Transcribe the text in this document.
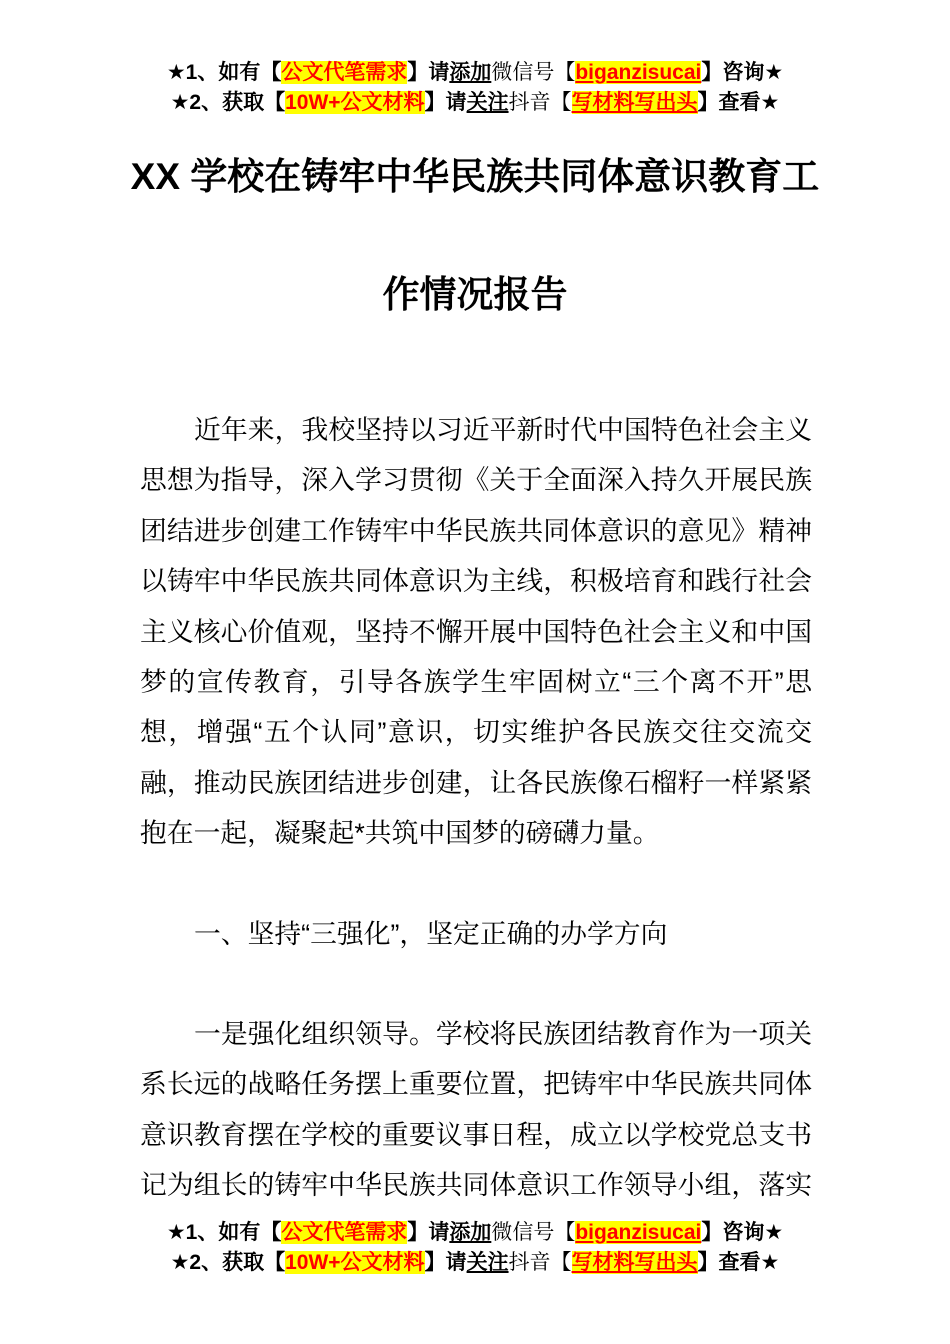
★1、如有【公文代笔需求】请添加微信号【biganzisucai】咨询★
★2、获取【10W+公文材料】请关注抖音【写材料写出头】查看★
XX 学校在铸牢中华民族共同体意识教育工
作情况报告
近年来，我校坚持以习近平新时代中国特色社会主义
思想为指导，深入学习贯彻《关于全面深入持久开展民族
团结进步创建工作铸牢中华民族共同体意识的意见》精神
以铸牢中华民族共同体意识为主线，积极培育和践行社会
主义核心价值观，坚持不懈开展中国特色社会主义和中国
梦的宣传教育，引导各族学生牢固树立“三个离不开”思
想，增强“五个认同”意识，切实维护各民族交往交流交
融，推动民族团结进步创建，让各民族像石榴籽一样紧紧
抱在一起，凝聚起*共筑中国梦的磅礴力量。
一、坚持“三强化”，坚定正确的办学方向
一是强化组织领导。学校将民族团结教育作为一项关
系长远的战略任务摆上重要位置，把铸牢中华民族共同体
意识教育摆在学校的重要议事日程，成立以学校党总支书
记为组长的铸牢中华民族共同体意识工作领导小组，落实
★1、如有【公文代笔需求】请添加微信号【biganzisucai】咨询★
★2、获取【10W+公文材料】请关注抖音【写材料写出头】查看★
